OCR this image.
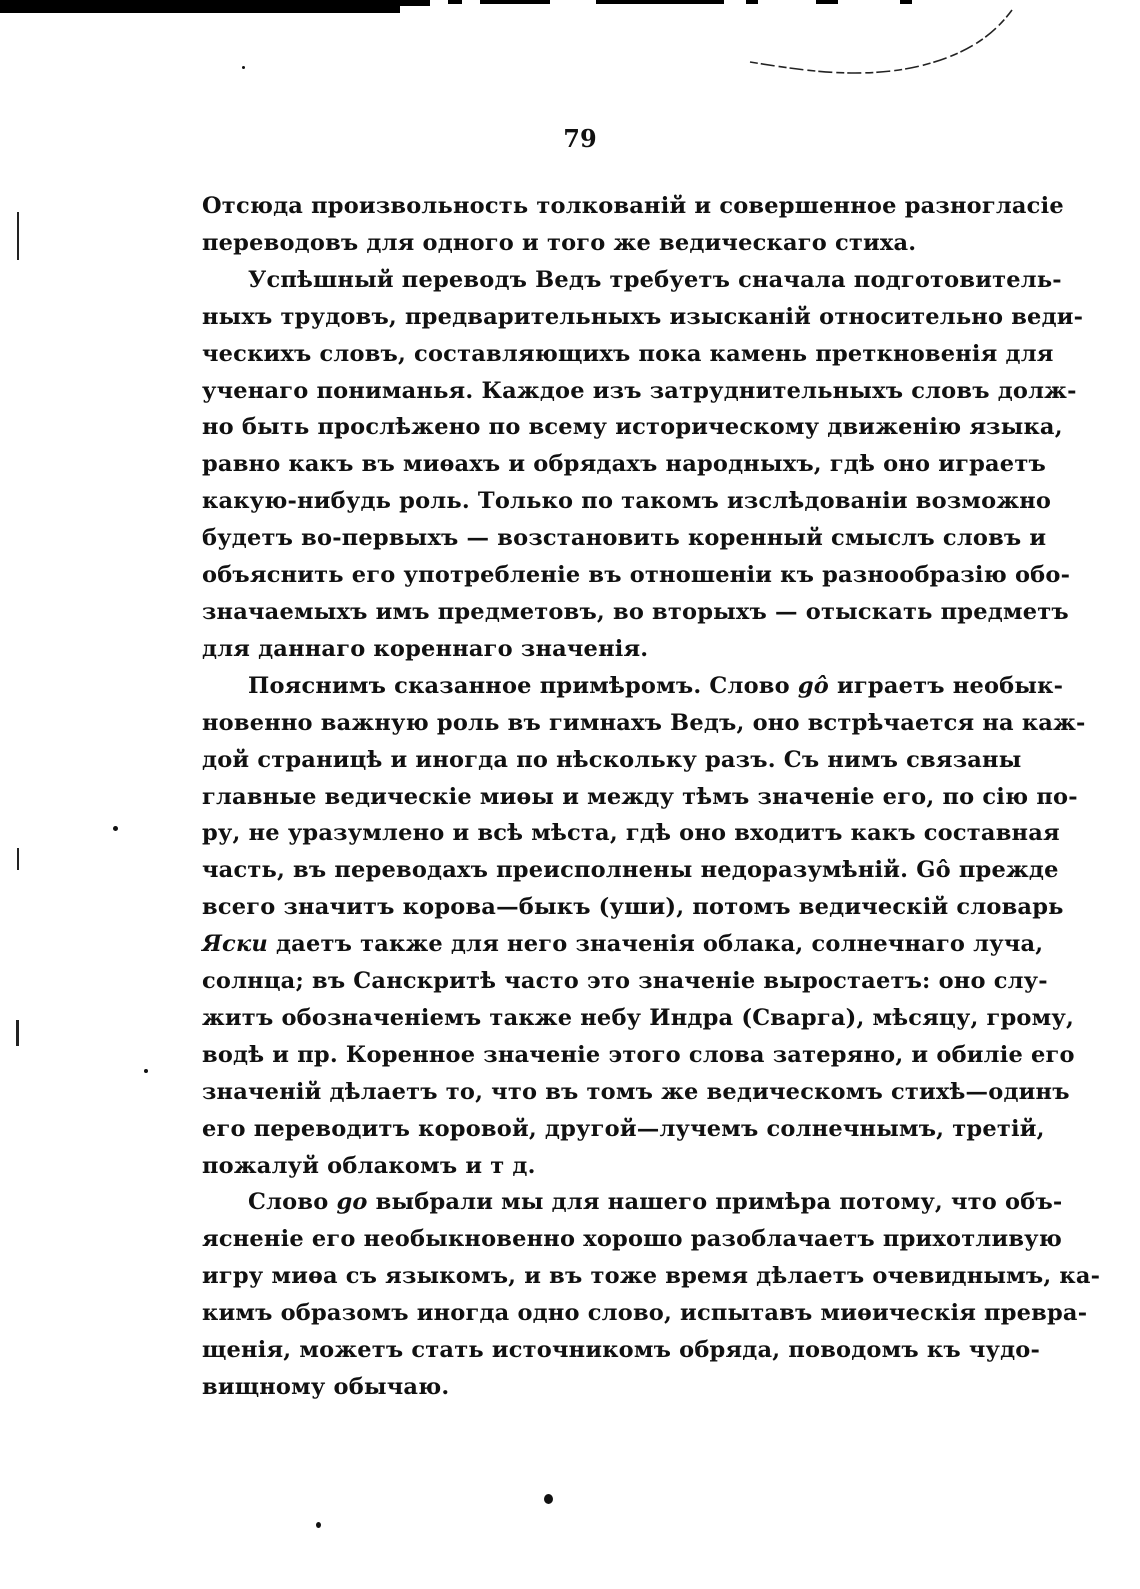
79

Отсюда произвольность толкованій и совершенное разногласіе
переводовъ для одного и того же ведическаго стиха.

Успѣшный переводъ Ведъ требуетъ сначала подготовитель-
ныхъ трудовъ, предварительныхъ изысканій относительно веди-
ческихъ словъ, составляющихъ пока камень преткновенія для
ученаго пониманья. Каждое изъ затруднительныхъ словъ долж-
но быть прослѣжено по всему историческому движенію языка,
равно какъ въ миѳахъ и обрядахъ народныхъ, гдѣ оно играетъ
какую-нибудь роль. Только по такомъ изслѣдованіи возможно
будетъ во-первыхъ — возстановить коренный смыслъ словъ и
объяснить его употребленіе въ отношеніи къ разнообразію обо-
значаемыхъ имъ предметовъ, во вторыхъ — отыскать предметъ
для даннаго кореннаго значенія.

Пояснимъ сказанное примѣромъ. Слово gô играетъ необык-
новенно важную роль въ гимнахъ Ведъ, оно встрѣчается на каж-
дой страницѣ и иногда по нѣскольку разъ. Съ нимъ связаны
главные ведическіе миѳы и между тѣмъ значеніе его, по сію по-
ру, не уразумлено и всѣ мѣста, гдѣ оно входитъ какъ составная
часть, въ переводахъ преисполнены недоразумѣній. Gô прежде
всего значитъ корова—быкъ (уши), потомъ ведическій словарь
Яски даетъ также для него значенія облака, солнечнаго луча,
солнца; въ Санскритѣ часто это значеніе выростаетъ: оно слу-
житъ обозначеніемъ также небу Индра (Сварга), мѣсяцу, грому,
водѣ и пр. Коренное значеніе этого слова затеряно, и обиліе его
значеній дѣлаетъ то, что въ томъ же ведическомъ стихѣ—одинъ
его переводитъ коровой, другой—лучемъ солнечнымъ, третій,
пожалуй облакомъ и т д.

Слово go выбрали мы для нашего примѣра потому, что объ-
ясненіе его необыкновенно хорошо разоблачаетъ прихотливую
игру миѳа съ языкомъ, и въ тоже время дѣлаетъ очевиднымъ, ка-
кимъ образомъ иногда одно слово, испытавъ миѳическія превра-
щенія, можетъ стать источникомъ обряда, поводомъ къ чудо-
вищному обычаю.
